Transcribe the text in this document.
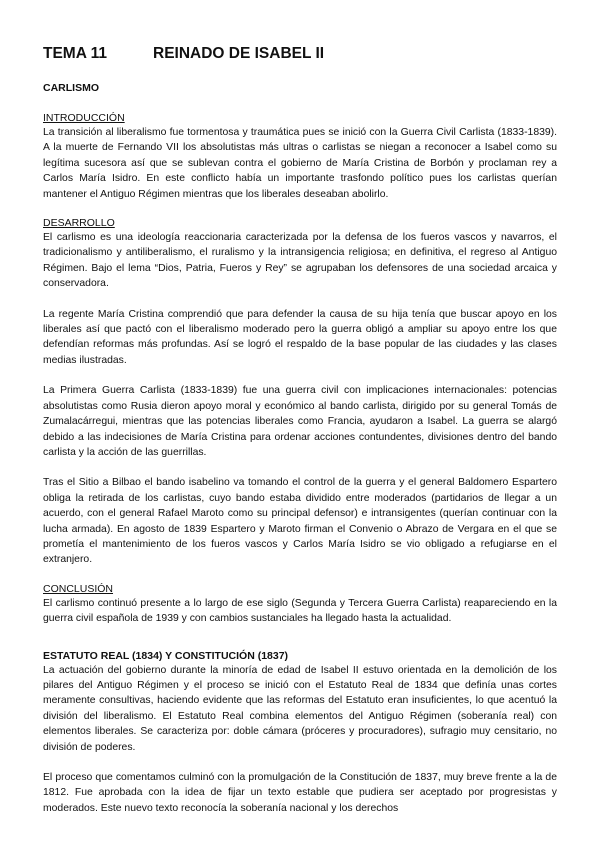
TEMA 11	REINADO DE ISABEL II
CARLISMO
INTRODUCCIÓN

La transición al liberalismo fue tormentosa y traumática pues se inició con la Guerra Civil Carlista (1833-1839). A la muerte de Fernando VII los absolutistas más ultras o carlistas se niegan a reconocer a Isabel como su legítima sucesora así que se sublevan contra el gobierno de María Cristina de Borbón y proclaman rey a Carlos María Isidro. En este conflicto había un importante trasfondo político pues los carlistas querían mantener el Antiguo Régimen mientras que los liberales deseaban abolirlo.

DESARROLLO

El carlismo es una ideología reaccionaria caracterizada por la defensa de los fueros vascos y navarros, el tradicionalismo y antiliberalismo, el ruralismo y la intransigencia religiosa; en definitiva, el regreso al Antiguo Régimen. Bajo el lema “Dios, Patria, Fueros y Rey” se agrupaban los defensores de una sociedad arcaica y conservadora.

La regente María Cristina comprendió que para defender la causa de su hija tenía que buscar apoyo en los liberales así que pactó con el liberalismo moderado pero la guerra obligó a ampliar su apoyo entre los que defendían reformas más profundas. Así se logró el respaldo de la base popular de las ciudades y las clases medias ilustradas.

La Primera Guerra Carlista (1833-1839) fue una guerra civil con implicaciones internacionales: potencias absolutistas como Rusia dieron apoyo moral y económico al bando carlista, dirigido por su general Tomás de Zumalacárregui, mientras que las potencias liberales como Francia, ayudaron a Isabel. La guerra se alargó debido a las indecisiones de María Cristina para ordenar acciones contundentes, divisiones dentro del bando carlista y la acción de las guerrillas.

Tras el Sitio a Bilbao el bando isabelino va tomando el control de la guerra y el general Baldomero Espartero obliga la retirada de los carlistas, cuyo bando estaba dividido entre moderados (partidarios de llegar a un acuerdo, con el general Rafael Maroto como su principal defensor) e intransigentes (querían continuar con la lucha armada). En agosto de 1839 Espartero y Maroto firman el Convenio o Abrazo de Vergara en el que se prometía el mantenimiento de los fueros vascos y Carlos María Isidro se vio obligado a refugiarse en el extranjero.

CONCLUSIÓN

El carlismo continuó presente a lo largo de ese siglo (Segunda y Tercera Guerra Carlista) reapareciendo en la guerra civil española de 1939 y con cambios sustanciales ha llegado hasta la actualidad.

ESTATUTO REAL (1834) Y CONSTITUCIÓN (1837)

La actuación del gobierno durante la minoría de edad de Isabel II estuvo orientada en la demolición de los pilares del Antiguo Régimen y el proceso se inició con el Estatuto Real de 1834 que definía unas cortes meramente consultivas, haciendo evidente que las reformas del Estatuto eran insuficientes, lo que acentuó la división del liberalismo. El Estatuto Real combina elementos del Antiguo Régimen (soberanía real) con elementos liberales. Se caracteriza por: doble cámara (próceres y procuradores), sufragio muy censitario, no división de poderes.

El proceso que comentamos culminó con la promulgación de la Constitución de 1837, muy breve frente a la de 1812. Fue aprobada con la idea de fijar un texto estable que pudiera ser aceptado por progresistas y moderados. Este nuevo texto reconocía la soberanía nacional y los derechos
